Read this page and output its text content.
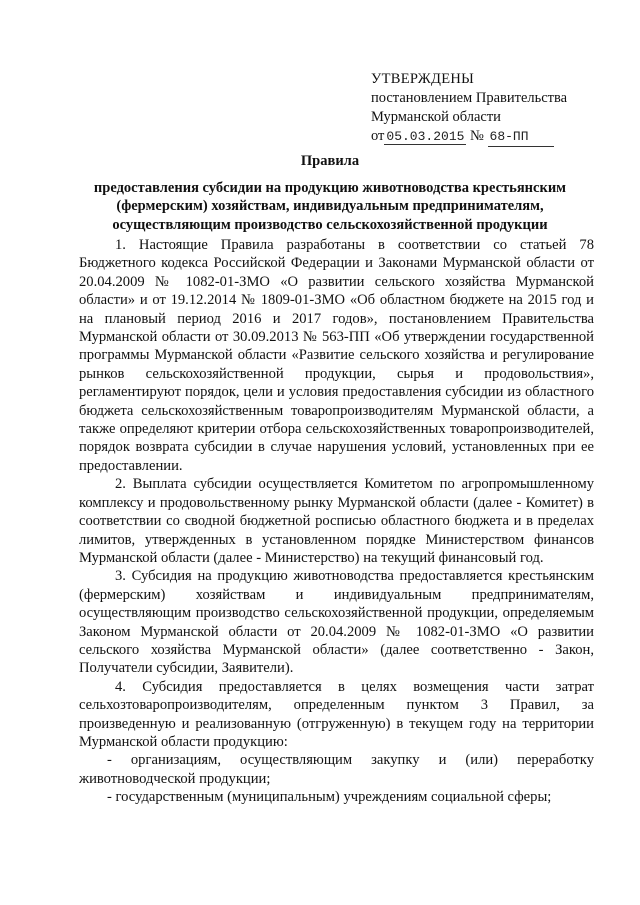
УТВЕРЖДЕНЫ
постановлением Правительства
Мурманской области
от 05.03.2015 № 68-ПП
Правила
предоставления субсидии на продукцию животноводства крестьянским (фермерским) хозяйствам, индивидуальным предпринимателям, осуществляющим производство сельскохозяйственной продукции

1. Настоящие Правила разработаны в соответствии со статьей 78 Бюджетного кодекса Российской Федерации и Законами Мурманской области от 20.04.2009 № 1082-01-ЗМО «О развитии сельского хозяйства Мурманской области» и от 19.12.2014 № 1809-01-ЗМО «Об областном бюджете на 2015 год и на плановый период 2016 и 2017 годов», постановлением Правительства Мурманской области от 30.09.2013 № 563-ПП «Об утверждении государственной программы Мурманской области «Развитие сельского хозяйства и регулирование рынков сельскохозяйственной продукции, сырья и продовольствия», регламентируют порядок, цели и условия предоставления субсидии из областного бюджета сельскохозяйственным товаропроизводителям Мурманской области, а также определяют критерии отбора сельскохозяйственных товаропроизводителей, порядок возврата субсидии в случае нарушения условий, установленных при ее предоставлении.

2. Выплата субсидии осуществляется Комитетом по агропромышленному комплексу и продовольственному рынку Мурманской области (далее - Комитет) в соответствии со сводной бюджетной росписью областного бюджета и в пределах лимитов, утвержденных в установленном порядке Министерством финансов Мурманской области (далее - Министерство) на текущий финансовый год.

3. Субсидия на продукцию животноводства предоставляется крестьянским (фермерским) хозяйствам и индивидуальным предпринимателям, осуществляющим производство сельскохозяйственной продукции, определяемым Законом Мурманской области от 20.04.2009 № 1082-01-ЗМО «О развитии сельского хозяйства Мурманской области» (далее соответственно - Закон, Получатели субсидии, Заявители).

4. Субсидия предоставляется в целях возмещения части затрат сельхозтоваропроизводителям, определенным пунктом 3 Правил, за произведенную и реализованную (отгруженную) в текущем году на территории Мурманской области продукцию:

- организациям, осуществляющим закупку и (или) переработку животноводческой продукции;

- государственным (муниципальным) учреждениям социальной сферы;
